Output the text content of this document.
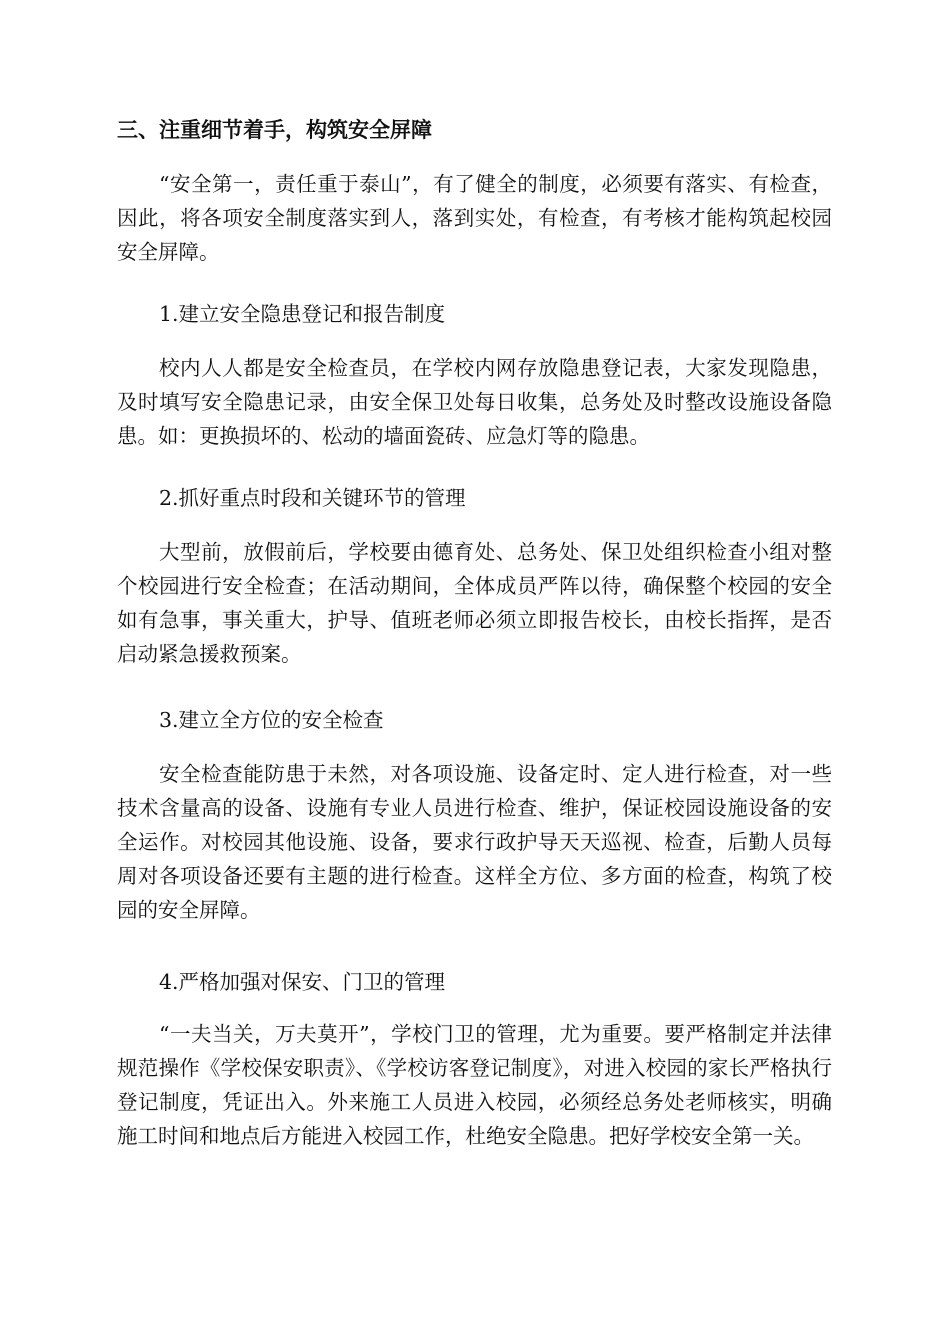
三、注重细节着手，构筑安全屏障

“安全第一，责任重于泰山”，有了健全的制度，必须要有落实、有检查，因此，将各项安全制度落实到人，落到实处，有检查，有考核才能构筑起校园安全屏障。

1.建立安全隐患登记和报告制度

校内人人都是安全检查员，在学校内网存放隐患登记表，大家发现隐患，及时填写安全隐患记录，由安全保卫处每日收集，总务处及时整改设施设备隐患。如：更换损坏的、松动的墙面瓷砖、应急灯等的隐患。

2.抓好重点时段和关键环节的管理

大型前，放假前后，学校要由德育处、总务处、保卫处组织检查小组对整个校园进行安全检查；在活动期间，全体成员严阵以待，确保整个校园的安全如有急事，事关重大，护导、值班老师必须立即报告校长，由校长指挥，是否启动紧急援救预案。

3.建立全方位的安全检查

安全检查能防患于未然，对各项设施、设备定时、定人进行检查，对一些技术含量高的设备、设施有专业人员进行检查、维护，保证校园设施设备的安全运作。对校园其他设施、设备，要求行政护导天天巡视、检查，后勤人员每周对各项设备还要有主题的进行检查。这样全方位、多方面的检查，构筑了校园的安全屏障。

4.严格加强对保安、门卫的管理

“一夫当关，万夫莫开”，学校门卫的管理，尤为重要。要严格制定并法律规范操作《学校保安职责》、《学校访客登记制度》，对进入校园的家长严格执行登记制度，凭证出入。外来施工人员进入校园，必须经总务处老师核实，明确施工时间和地点后方能进入校园工作，杜绝安全隐患。把好学校安全第一关。
